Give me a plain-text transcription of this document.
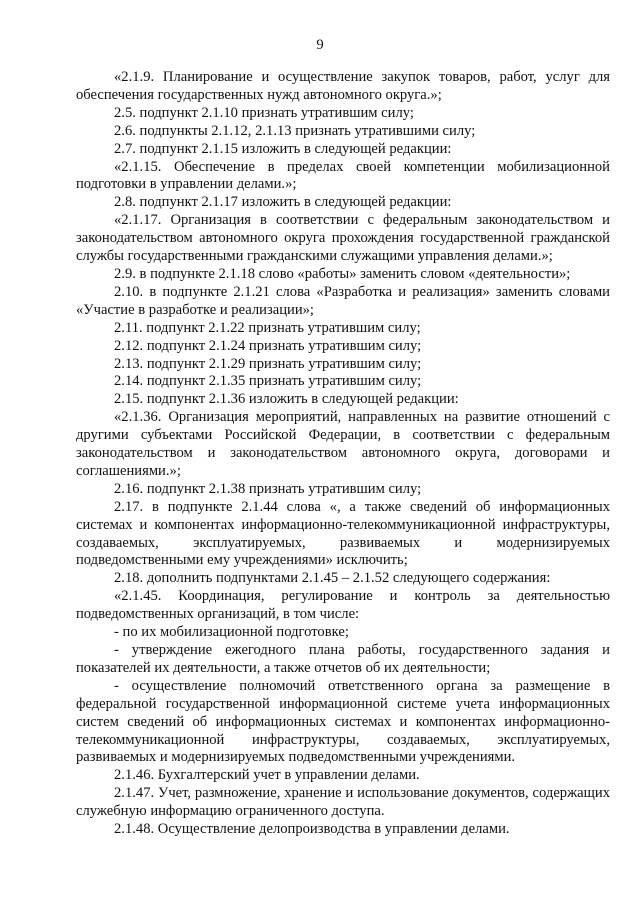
9

«2.1.9. Планирование и осуществление закупок товаров, работ, услуг для обеспечения государственных нужд автономного округа.»;

2.5. подпункт 2.1.10 признать утратившим силу;

2.6. подпункты 2.1.12, 2.1.13 признать утратившими силу;

2.7. подпункт 2.1.15 изложить в следующей редакции:

«2.1.15. Обеспечение в пределах своей компетенции мобилизационной подготовки в управлении делами.»;

2.8. подпункт 2.1.17 изложить в следующей редакции:

«2.1.17. Организация в соответствии с федеральным законодательством и законодательством автономного округа прохождения государственной гражданской службы государственными гражданскими служащими управления делами.»;

2.9. в подпункте 2.1.18 слово «работы» заменить словом «деятельности»;

2.10. в подпункте 2.1.21 слова «Разработка и реализация» заменить словами «Участие в разработке и реализации»;

2.11. подпункт 2.1.22 признать утратившим силу;

2.12. подпункт 2.1.24 признать утратившим силу;

2.13. подпункт 2.1.29 признать утратившим силу;

2.14. подпункт 2.1.35 признать утратившим силу;

2.15. подпункт 2.1.36 изложить в следующей редакции:

«2.1.36. Организация мероприятий, направленных на развитие отношений с другими субъектами Российской Федерации, в соответствии с федеральным законодательством и законодательством автономного округа, договорами и соглашениями.»;

2.16. подпункт 2.1.38 признать утратившим силу;

2.17. в подпункте 2.1.44 слова «, а также сведений об информационных системах и компонентах информационно-телекоммуникационной инфраструктуры, создаваемых, эксплуатируемых, развиваемых и модернизируемых подведомственными ему учреждениями» исключить;

2.18. дополнить подпунктами 2.1.45 – 2.1.52 следующего содержания:

«2.1.45. Координация, регулирование и контроль за деятельностью подведомственных организаций, в том числе:

- по их мобилизационной подготовке;

- утверждение ежегодного плана работы, государственного задания и показателей их деятельности, а также отчетов об их деятельности;

- осуществление полномочий ответственного органа за размещение в федеральной государственной информационной системе учета информационных систем сведений об информационных системах и компонентах информационно-телекоммуникационной инфраструктуры, создаваемых, эксплуатируемых, развиваемых и модернизируемых подведомственными учреждениями.

2.1.46. Бухгалтерский учет в управлении делами.

2.1.47. Учет, размножение, хранение и использование документов, содержащих служебную информацию ограниченного доступа.

2.1.48. Осуществление делопроизводства в управлении делами.
